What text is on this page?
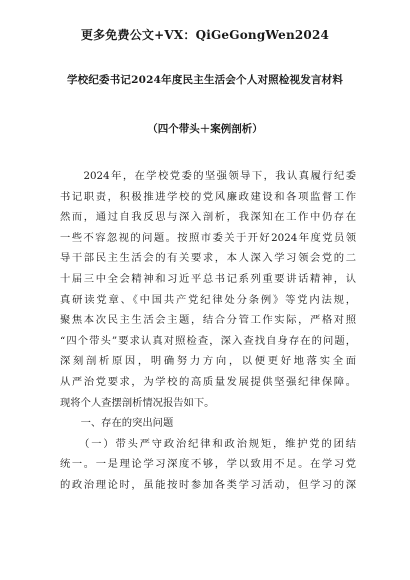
更多免费公文+VX：QiGeGongWen2024
学校纪委书记2024年度民主生活会个人对照检视发言材料
（四个带头＋案例剖析）
　　2024年，在学校党委的坚强领导下，我认真履行纪委
书记职责，积极推进学校的党风廉政建设和各项监督工作
然而，通过自我反思与深入剖析，我深知在工作中仍存在
一些不容忽视的问题。按照市委关于开好2024年度党员领
导干部民主生活会的有关要求，本人深入学习领会党的二
十届三中全会精神和习近平总书记系列重要讲话精神，认
真研读党章、《中国共产党纪律处分条例》等党内法规，
聚焦本次民主生活会主题，结合分管工作实际，严格对照
“四个带头”要求认真对照检查，深入查找自身存在的问题，
深刻剖析原因，明确努力方向，以便更好地落实全面
从严治党要求，为学校的高质量发展提供坚强纪律保障。
现将个人查摆剖析情况报告如下。
　　一、存在的突出问题
　　（一）带头严守政治纪律和政治规矩，维护党的团结
统一。一是理论学习深度不够，学以致用不足。在学习党
的政治理论时，虽能按时参加各类学习活动，但学习的深
